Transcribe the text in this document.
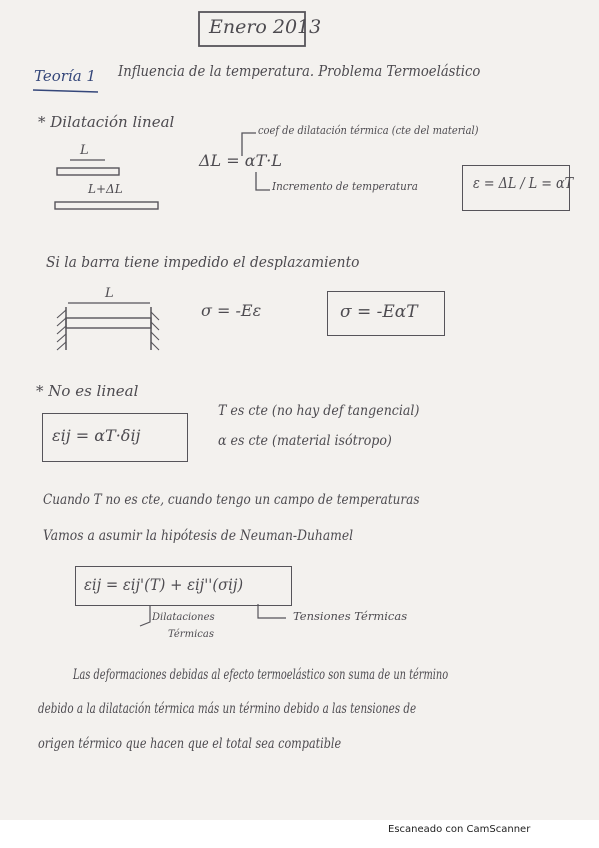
Enero 2013
Teoría 1 Influencia de la temperatura. Problema Termoelástico
* Dilatación lineal
L
L+ΔL
coef de dilatación térmica (cte del material)
ΔL = αT·L
Incremento de temperatura	ε = ΔL / L = αT
Si la barra tiene impedido el desplazamiento
L
σ = -Eε	σ = -EαT
* No es lineal
εij = αT·δij
T es cte (no hay def tangencial)
α es cte (material isótropo)
Cuando T no es cte, cuando tengo un campo de temperaturas
Vamos a asumir la hipótesis de Neuman-Duhamel
εij = εij'(T) + εij''(σij)
Dilataciones
Térmicas
Tensiones Térmicas
Las deformaciones debidas al efecto termoelástico son suma de un término
debido a la dilatación térmica más un término debido a las tensiones de
origen térmico que hacen que el total sea compatible
Escaneado con CamScanner
